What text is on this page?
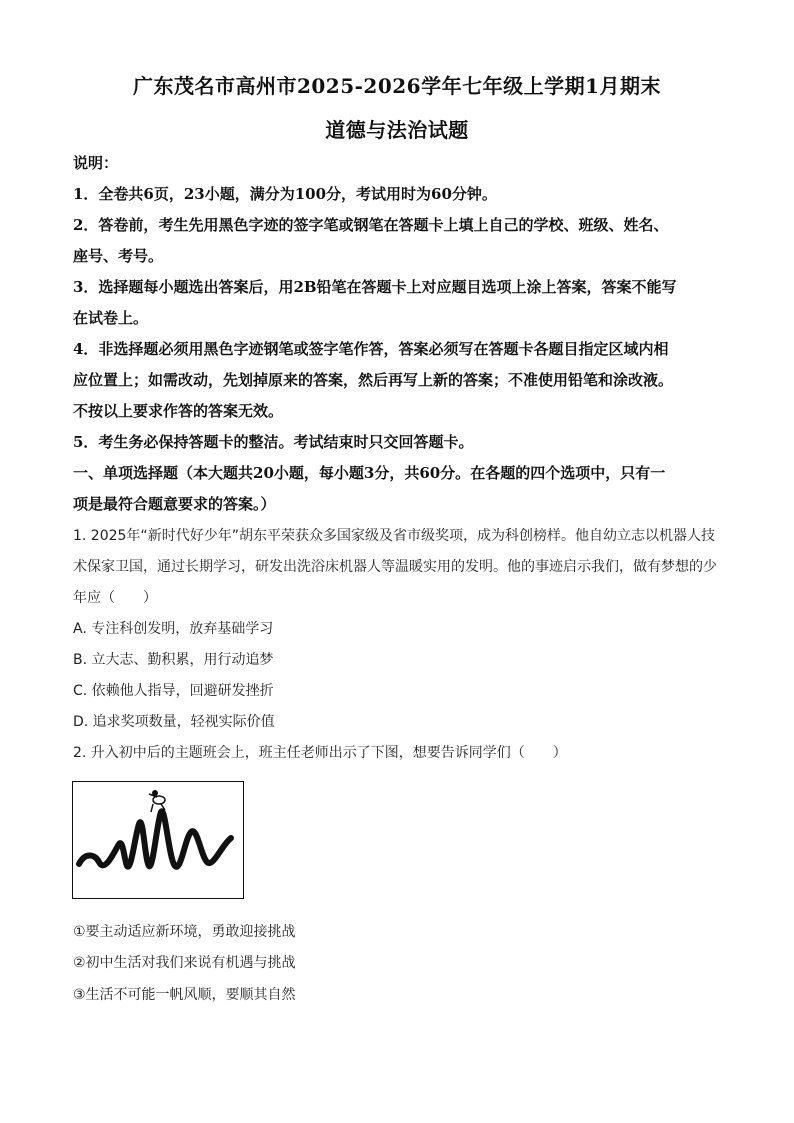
广东茂名市高州市2025-2026学年七年级上学期1月期末
道德与法治试题
说明：
1．全卷共6页，23小题，满分为100分，考试用时为60分钟。
2．答卷前，考生先用黑色字迹的签字笔或钢笔在答题卡上填上自己的学校、班级、姓名、
座号、考号。
3．选择题每小题选出答案后，用2B铅笔在答题卡上对应题目选项上涂上答案，答案不能写
在试卷上。
4．非选择题必须用黑色字迹钢笔或签字笔作答，答案必须写在答题卡各题目指定区域内相
应位置上；如需改动，先划掉原来的答案，然后再写上新的答案；不准使用铅笔和涂改液。
不按以上要求作答的答案无效。
5．考生务必保持答题卡的整洁。考试结束时只交回答题卡。
一、单项选择题（本大题共20小题，每小题3分，共60分。在各题的四个选项中，只有一
项是最符合题意要求的答案。）
1. 2025年“新时代好少年”胡东平荣获众多国家级及省市级奖项，成为科创榜样。他自幼立志以机器人技
术保家卫国，通过长期学习，研发出洗浴床机器人等温暖实用的发明。他的事迹启示我们，做有梦想的少
年应（　　）
A. 专注科创发明，放弃基础学习
B. 立大志、勤积累，用行动追梦
C. 依赖他人指导，回避研发挫折
D. 追求奖项数量，轻视实际价值
2. 升入初中后的主题班会上，班主任老师出示了下图，想要告诉同学们（　　）
①要主动适应新环境，勇敢迎接挑战
②初中生活对我们来说有机遇与挑战
③生活不可能一帆风顺，要顺其自然
